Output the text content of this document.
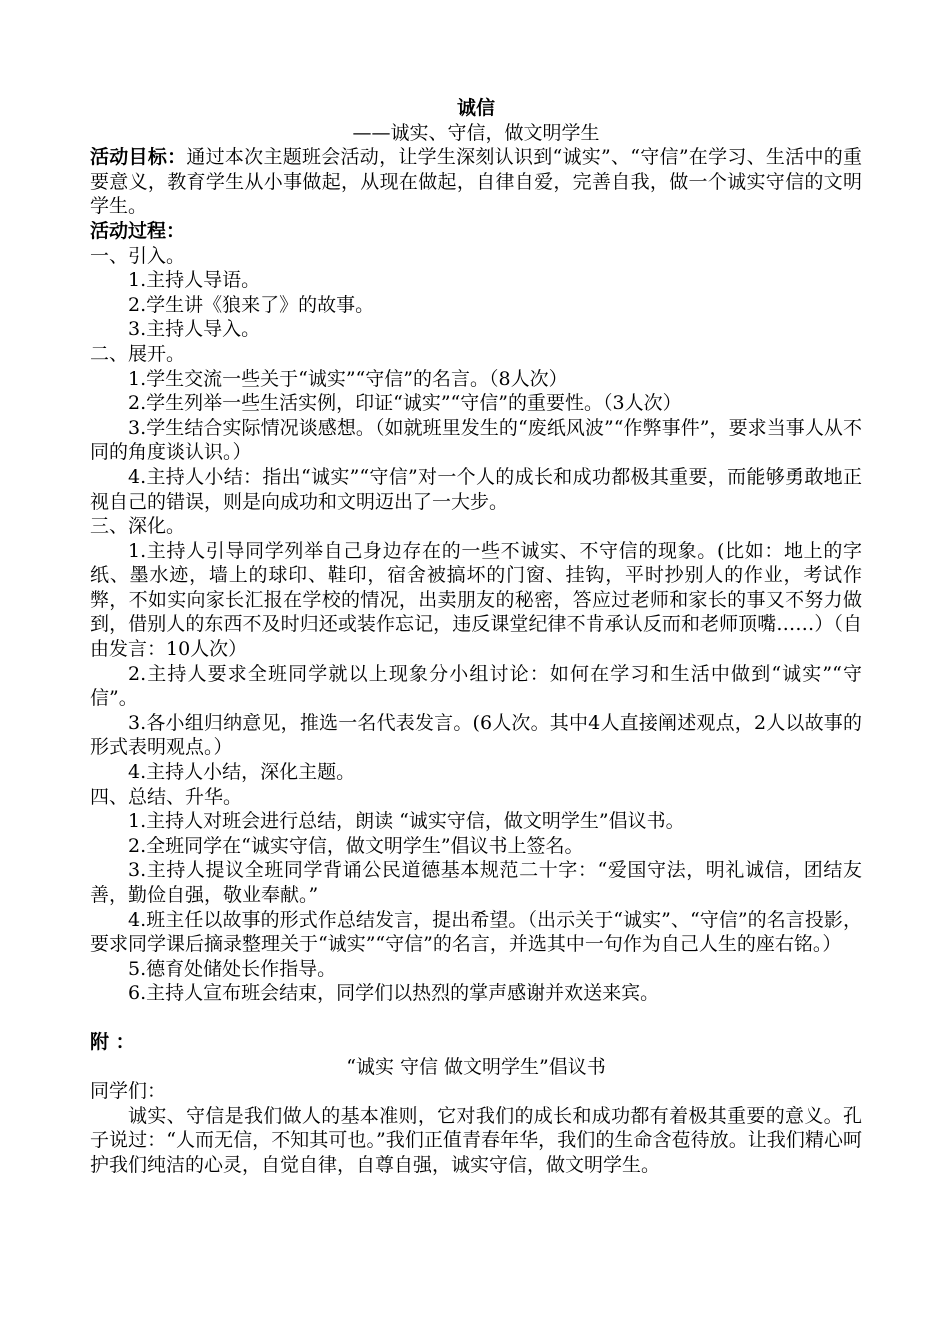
诚信

——诚实、守信，做文明学生

活动目标：通过本次主题班会活动，让学生深刻认识到“诚实”、“守信”在学习、生活中的重要意义，教育学生从小事做起，从现在做起，自律自爱，完善自我，做一个诚实守信的文明学生。

活动过程：

一、引入。

1.主持人导语。

2.学生讲《狼来了》的故事。

3.主持人导入。

二、展开。

1.学生交流一些关于“诚实”“守信”的名言。（8人次）

2.学生列举一些生活实例，印证“诚实”“守信”的重要性。（3人次）

3.学生结合实际情况谈感想。（如就班里发生的“废纸风波”“作弊事件”，要求当事人从不同的角度谈认识。）

4.主持人小结：指出“诚实”“守信”对一个人的成长和成功都极其重要，而能够勇敢地正视自己的错误，则是向成功和文明迈出了一大步。

三、深化。

1.主持人引导同学列举自己身边存在的一些不诚实、不守信的现象。(比如：地上的字纸、墨水迹，墙上的球印、鞋印，宿舍被搞坏的门窗、挂钩，平时抄别人的作业，考试作弊，不如实向家长汇报在学校的情况，出卖朋友的秘密，答应过老师和家长的事又不努力做到，借别人的东西不及时归还或装作忘记，违反课堂纪律不肯承认反而和老师顶嘴……）（自由发言：10人次）

2.主持人要求全班同学就以上现象分小组讨论：如何在学习和生活中做到“诚实”“守信”。

3.各小组归纳意见，推选一名代表发言。(6人次。其中4人直接阐述观点，2人以故事的形式表明观点。）

4.主持人小结，深化主题。

四、总结、升华。

1.主持人对班会进行总结，朗读 “诚实守信，做文明学生”倡议书。

2.全班同学在“诚实守信，做文明学生”倡议书上签名。

3.主持人提议全班同学背诵公民道德基本规范二十字：“爱国守法，明礼诚信，团结友善，勤俭自强，敬业奉献。”

4.班主任以故事的形式作总结发言，提出希望。（出示关于“诚实”、“守信”的名言投影，要求同学课后摘录整理关于“诚实”“守信”的名言，并选其中一句作为自己人生的座右铭。）

5.德育处储处长作指导。

6.主持人宣布班会结束，同学们以热烈的掌声感谢并欢送来宾。

附 ：

“诚实 守信 做文明学生”倡议书

同学们：

诚实、守信是我们做人的基本准则，它对我们的成长和成功都有着极其重要的意义。孔子说过：“人而无信，不知其可也。”我们正值青春年华，我们的生命含苞待放。让我们精心呵护我们纯洁的心灵，自觉自律，自尊自强，诚实守信，做文明学生。
